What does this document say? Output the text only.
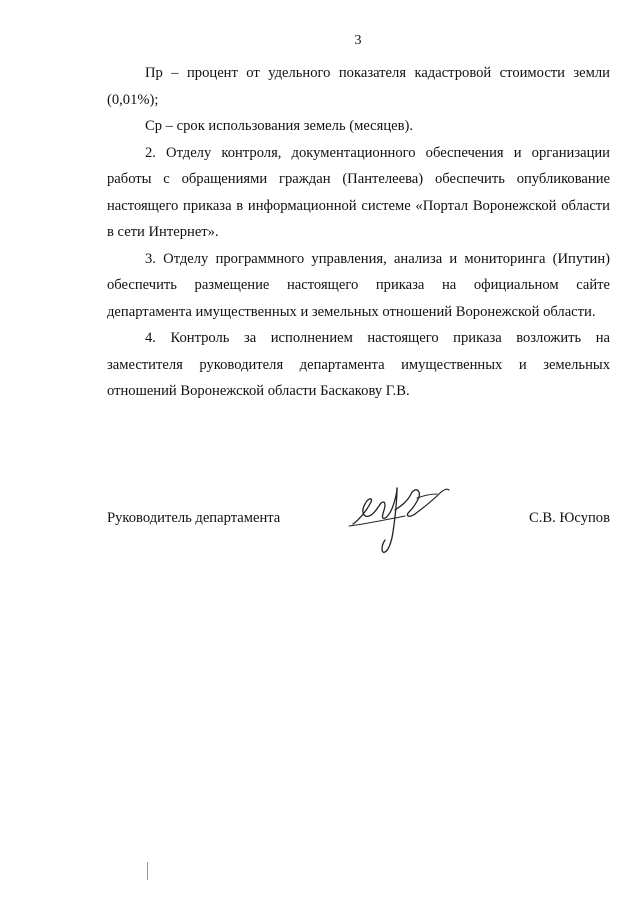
3

Пр – процент от удельного показателя кадастровой стоимости земли (0,01%);

Ср – срок использования земель (месяцев).

2. Отделу контроля, документационного обеспечения и организации работы с обращениями граждан (Пантелеева) обеспечить опубликование настоящего приказа в информационной системе «Портал Воронежской области в сети Интернет».

3. Отделу программного управления, анализа и мониторинга (Ипутин) обеспечить размещение настоящего приказа на официальном сайте департамента имущественных и земельных отношений Воронежской области.

4. Контроль за исполнением настоящего приказа возложить на заместителя руководителя департамента имущественных и земельных отношений Воронежской области Баскакову Г.В.

Руководитель департамента	С.В. Юсупов
